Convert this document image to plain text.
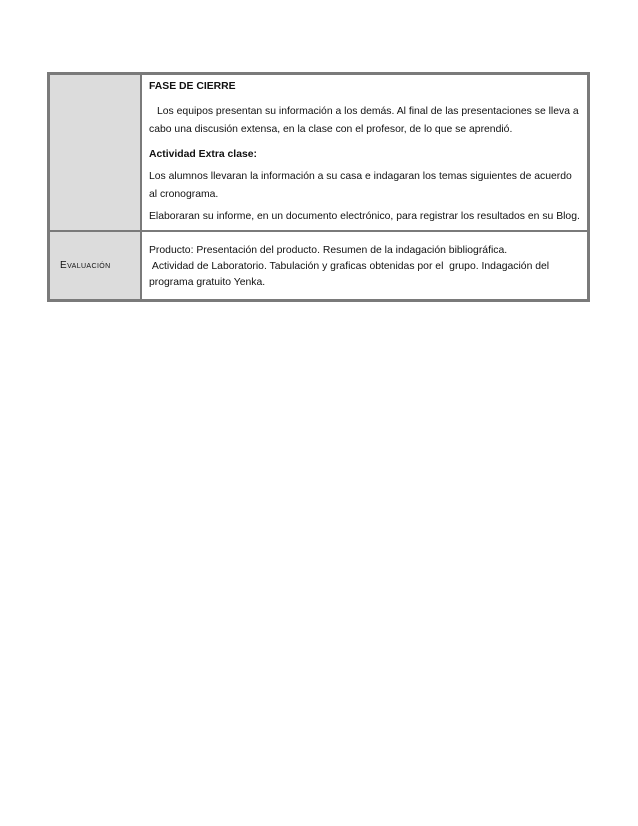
FASE DE CIERRE

Los equipos presentan su información a los demás. Al final de las presentaciones se lleva a cabo una discusión extensa, en la clase con el profesor, de lo que se aprendió.

Actividad Extra clase:

Los alumnos llevaran la información a su casa e indagaran los temas siguientes de acuerdo al cronograma.

Elaboraran su informe, en un documento electrónico, para registrar los resultados en su Blog.

Evaluación

Producto: Presentación del producto. Resumen de la indagación bibliográfica.

Actividad de Laboratorio. Tabulación y graficas obtenidas por el  grupo. Indagación del programa gratuito Yenka.
